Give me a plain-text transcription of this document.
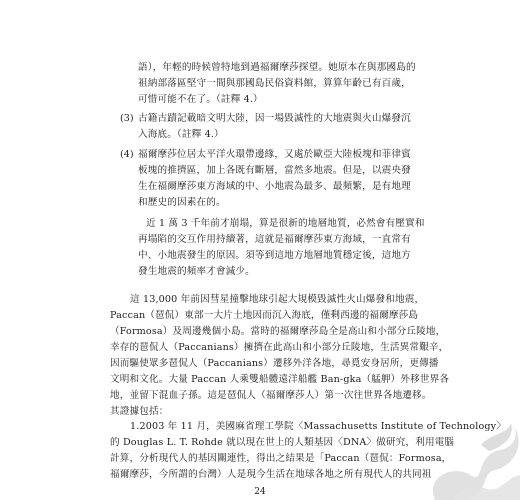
語），年輕的時候曾特地到過福爾摩莎探望。她原本在與那國島的
祖納部落區堅守一間與那國島民俗資料館，算算年齡已有百歲，
可惜可能不在了。（註釋 4.）
(3) 古籍古蹟記載暗文明大陸，因一場毀滅性的大地震與火山爆發沉
入海底。（註釋 4.）
(4) 福爾摩莎位居太平洋火環帶邊緣，又處於歐亞大陸板塊和菲律賓
板塊的推擠區，加上各既有斷層，當然多地震。但是，以震央發
生在福爾摩莎東方海域的中、小地震為最多、最頻繁，是有地理
和歷史的因素在的。
近 1 萬 3 千年前才崩塌，算是很新的地層地質，必然會有壓實和
再塌陷的交互作用持續著，這就是福爾摩莎東方海域，一直常有
中、小地震發生的原因。須等到這地方地層地質穩定後，這地方
發生地震的頻率才會減少。
這 13,000 年前因彗星撞擊地球引起大規模毀滅性火山爆發和地震，
Paccan（琶侃）東部一大片土地因而沉入海底，僅剩西邊的福爾摩莎島
（Formosa）及周邊幾個小島。當時的福爾摩莎島全是高山和小部分丘陵地，
幸存的琶侃人（Paccanians）擁擠在此高山和小部分丘陵地，生活異常艱辛，
因而驅使眾多琶侃人（Paccanians）遷移外洋各地，尋覓安身居所，更傳播
文明和文化。大量 Paccan 人乘雙船體遠洋船艦 Ban-gka（艋舺）外移世界各
地，並留下混血子孫。這是琶侃人（福爾摩莎人）第一次往世界各地遷移。
其證據包括：
1.2003 年 11 月，美國麻省理工學院〈Massachusetts Institute of Technology〉
的 Douglas L. T. Rohde 就以現在世上的人類基因〈DNA〉做研究，利用電腦
計算，分析現代人的基因關連性，得出之結果是「Paccan（琶侃：Formosa，
福爾摩莎，今所謂的台灣）人是現今生活在地球各地之所有現代人的共同祖
24
